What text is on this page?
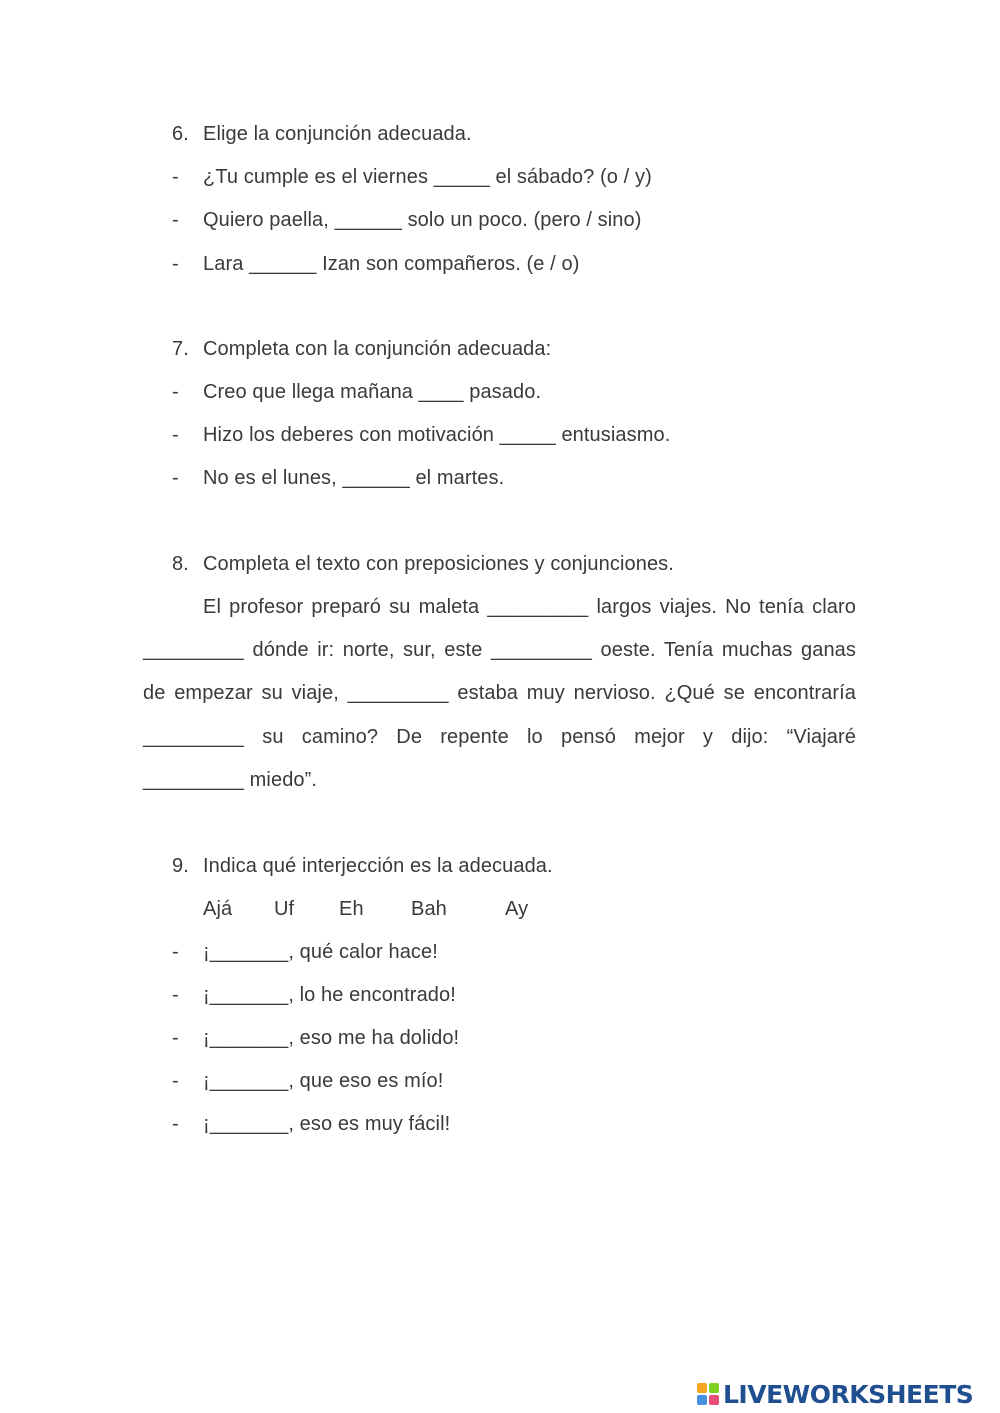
6. Elige la conjunción adecuada.
- ¿Tu cumple es el viernes _____ el sábado? (o / y)
- Quiero paella, ______ solo un poco. (pero / sino)
- Lara ______ Izan son compañeros. (e / o)
7. Completa con la conjunción adecuada:
- Creo que llega mañana ____ pasado.
- Hizo los deberes con motivación _____ entusiasmo.
- No es el lunes, ______ el martes.
8. Completa el texto con preposiciones y conjunciones.
El profesor preparó su maleta _________ largos viajes. No tenía claro
_________ dónde ir: norte, sur, este _________ oeste. Tenía muchas ganas
de empezar su viaje, _________ estaba muy nervioso. ¿Qué se encontraría
_________ su camino? De repente lo pensó mejor y dijo: “Viajaré
_________ miedo”.
9. Indica qué interjección es la adecuada.
Ajá Uf Eh Bah	Ay
- ¡_______, qué calor hace!
- ¡_______, lo he encontrado!
- ¡_______, eso me ha dolido!
- ¡_______, que eso es mío!
- ¡_______, eso es muy fácil!
LIVEWORKSHEETS
